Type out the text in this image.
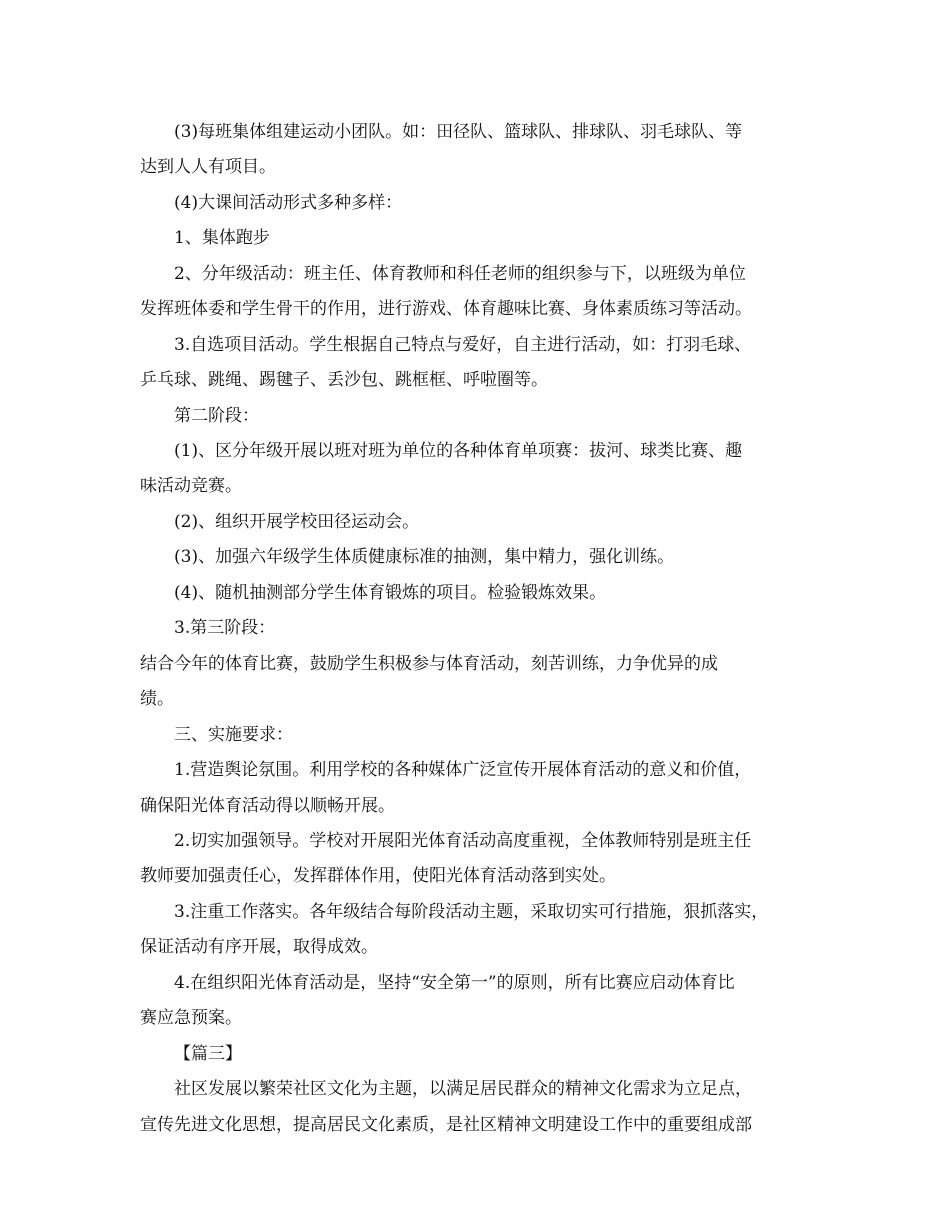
(3)每班集体组建运动小团队。如：田径队、篮球队、排球队、羽毛球队、等
达到人人有项目。
(4)大课间活动形式多种多样：
1、集体跑步
2、分年级活动：班主任、体育教师和科任老师的组织参与下，以班级为单位
发挥班体委和学生骨干的作用，进行游戏、体育趣味比赛、身体素质练习等活动。
3.自选项目活动。学生根据自己特点与爱好，自主进行活动，如：打羽毛球、
乒乓球、跳绳、踢毽子、丢沙包、跳框框、呼啦圈等。
第二阶段：
(1)、区分年级开展以班对班为单位的各种体育单项赛：拔河、球类比赛、趣
味活动竞赛。
(2)、组织开展学校田径运动会。
(3)、加强六年级学生体质健康标准的抽测，集中精力，强化训练。
(4)、随机抽测部分学生体育锻炼的项目。检验锻炼效果。
3.第三阶段：
结合今年的体育比赛，鼓励学生积极参与体育活动，刻苦训练，力争优异的成
绩。
三、实施要求：
1.营造舆论氛围。利用学校的各种媒体广泛宣传开展体育活动的意义和价值，
确保阳光体育活动得以顺畅开展。
2.切实加强领导。学校对开展阳光体育活动高度重视，全体教师特别是班主任
教师要加强责任心，发挥群体作用，使阳光体育活动落到实处。
3.注重工作落实。各年级结合每阶段活动主题，采取切实可行措施，狠抓落实，
保证活动有序开展，取得成效。
4.在组织阳光体育活动是，坚持“安全第一”的原则，所有比赛应启动体育比
赛应急预案。
【篇三】
社区发展以繁荣社区文化为主题，以满足居民群众的精神文化需求为立足点，
宣传先进文化思想，提高居民文化素质，是社区精神文明建设工作中的重要组成部
